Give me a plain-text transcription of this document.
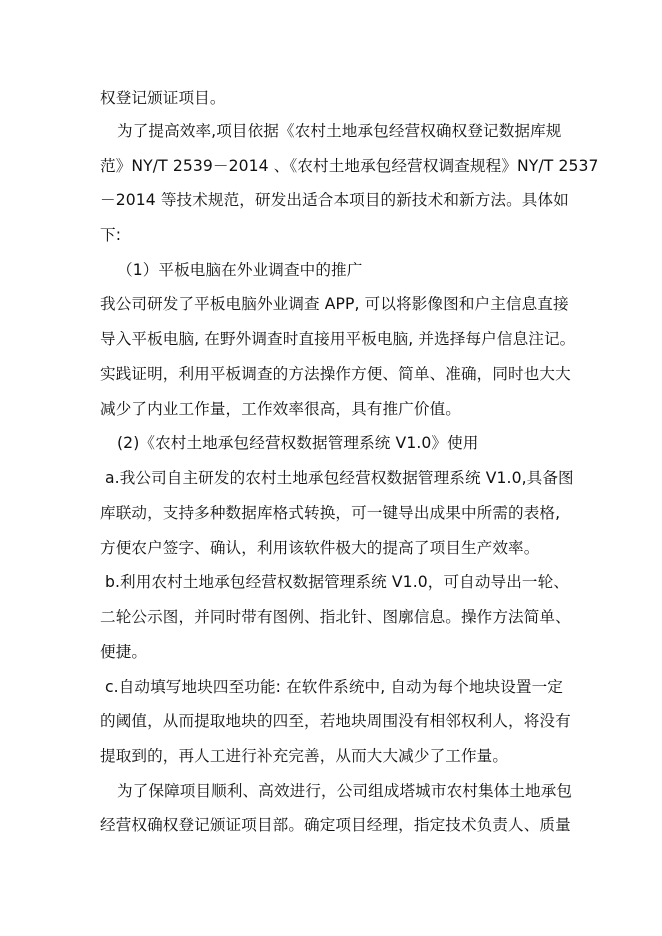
权登记颁证项目。
为了提高效率,项目依据《农村土地承包经营权确权登记数据库规
范》NY/T 2539－2014 、《农村土地承包经营权调查规程》NY/T 2537
－2014 等技术规范，研发出适合本项目的新技术和新方法。具体如
下:
（1）平板电脑在外业调查中的推广
我公司研发了平板电脑外业调查 APP, 可以将影像图和户主信息直接
导入平板电脑, 在野外调查时直接用平板电脑, 并选择每户信息注记。
实践证明，利用平板调查的方法操作方便、简单、准确，同时也大大
减少了内业工作量，工作效率很高，具有推广价值。
(2)《农村土地承包经营权数据管理系统 V1.0》使用
a.我公司自主研发的农村土地承包经营权数据管理系统 V1.0,具备图
库联动，支持多种数据库格式转换，可一键导出成果中所需的表格,
方便农户签字、确认，利用该软件极大的提高了项目生产效率。
b.利用农村土地承包经营权数据管理系统 V1.0，可自动导出一轮、
二轮公示图，并同时带有图例、指北针、图廓信息。操作方法简单、
便捷。
c.自动填写地块四至功能: 在软件系统中, 自动为每个地块设置一定
的阈值，从而提取地块的四至，若地块周围没有相邻权利人，将没有
提取到的，再人工进行补充完善，从而大大减少了工作量。
为了保障项目顺利、高效进行，公司组成塔城市农村集体土地承包
经营权确权登记颁证项目部。确定项目经理，指定技术负责人、质量
